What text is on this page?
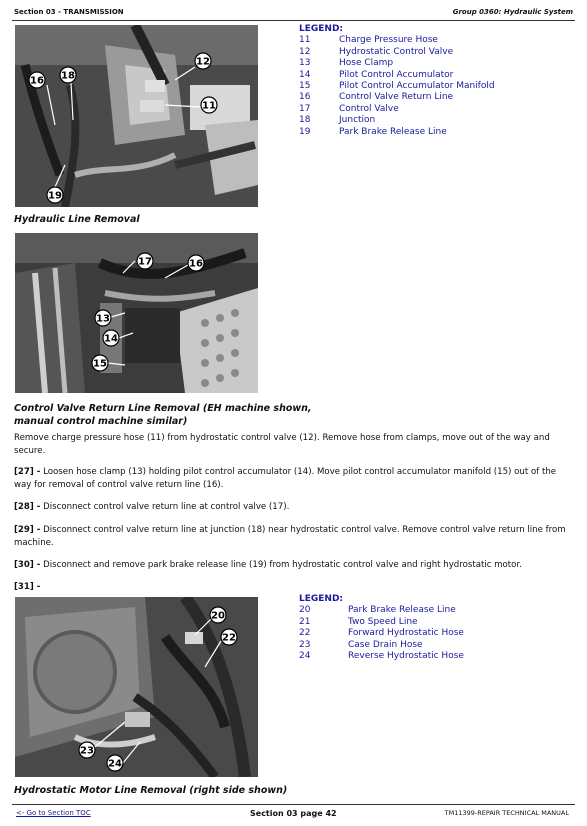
Section 03 - TRANSMISSION	Group 0360: Hydraulic System
16 18
12
11
19
LEGEND:
11	Charge Pressure Hose
12	Hydrostatic Control Valve
13	Hose Clamp
14	Pilot Control Accumulator
15	Pilot Control Accumulator Manifold
16	Control Valve Return Line
17	Control Valve
18	Junction
19	Park Brake Release Line
Hydraulic Line Removal
17	16
13
14
15
Control Valve Return Line Removal (EH machine shown,
manual control machine similar)
Remove charge pressure hose (11) from hydrostatic control valve (12). Remove hose from clamps, move out of the way and secure.
[27] - Loosen hose clamp (13) holding pilot control accumulator (14). Move pilot control accumulator manifold (15) out of the way for removal of control valve return line (16).
[28] - Disconnect control valve return line at control valve (17).
[29] - Disconnect control valve return line at junction (18) near hydrostatic control valve. Remove control valve return line from machine.
[30] - Disconnect and remove park brake release line (19) from hydrostatic control valve and right hydrostatic motor.
[31] -
20
22
23
24
LEGEND:
20	Park Brake Release Line
21	Two Speed Line
22	Forward Hydrostatic Hose
23	Case Drain Hose
24	Reverse Hydrostatic Hose
Hydrostatic Motor Line Removal (right side shown)
<- Go to Section TOC	Section 03 page 42	TM11399-REPAIR TECHNICAL MANUAL
